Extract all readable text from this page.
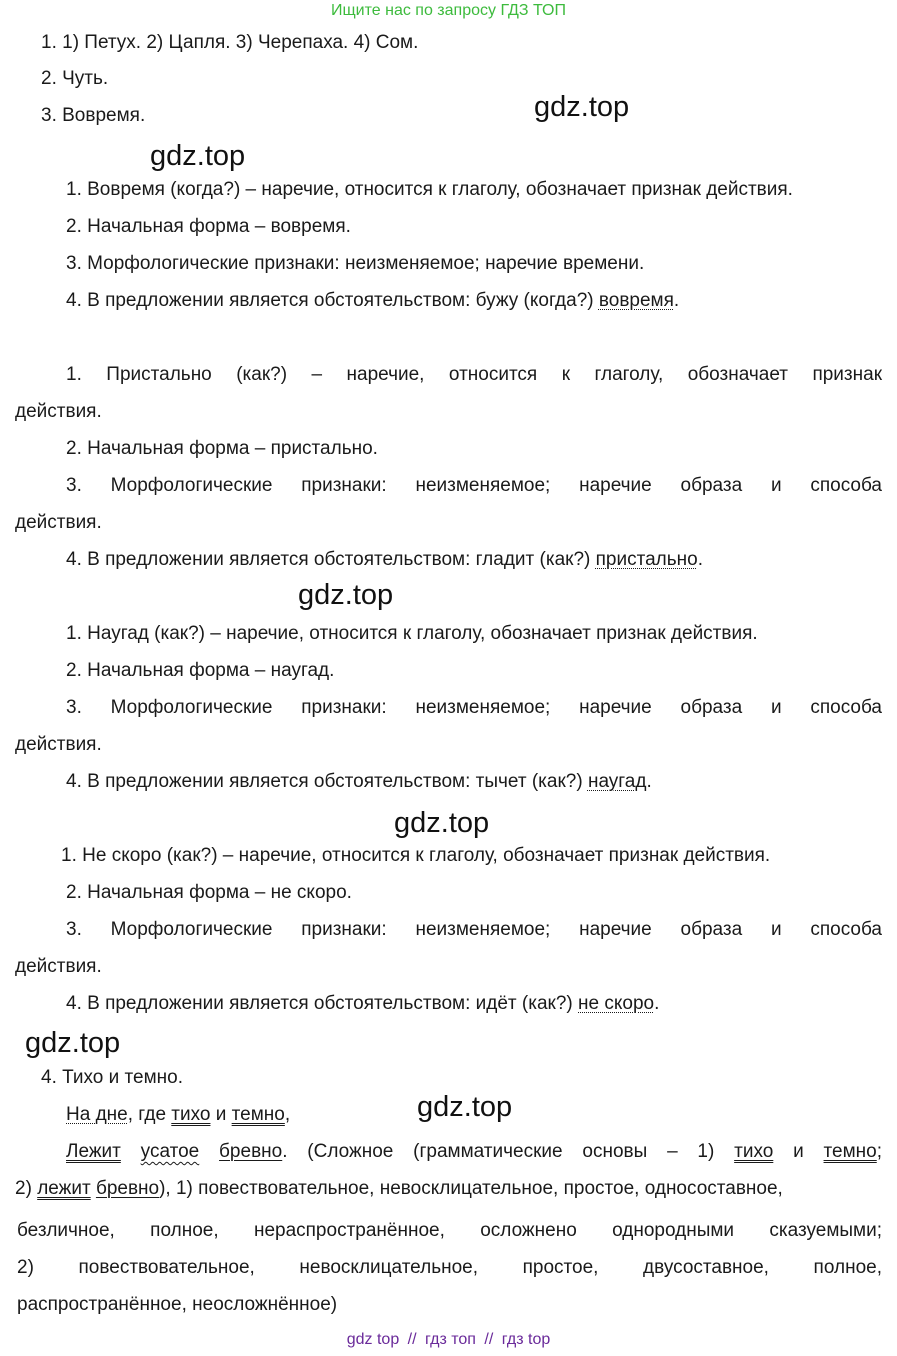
Ищите нас по запросу ГДЗ ТОП
1. 1) Петух. 2) Цапля. 3) Черепаха. 4) Сом.
2. Чуть.
3. Вовремя.	gdz.top
gdz.top
1. Вовремя (когда?) – наречие, относится к глаголу, обозначает признак действия.
2. Начальная форма – вовремя.
3. Морфологические признаки: неизменяемое; наречие времени.
4. В предложении является обстоятельством: бужу (когда?) вовремя.
1. Пристально (как?) – наречие, относится к глаголу, обозначает признак
действия.
2. Начальная форма – пристально.
3. Морфологические признаки: неизменяемое; наречие образа и способа
действия.
4. В предложении является обстоятельством: гладит (как?) пристально.
gdz.top
1. Наугад (как?) – наречие, относится к глаголу, обозначает признак действия.
2. Начальная форма – наугад.
3. Морфологические признаки: неизменяемое; наречие образа и способа
действия.
4. В предложении является обстоятельством: тычет (как?) наугад.
gdz.top
1. Не скоро (как?) – наречие, относится к глаголу, обозначает признак действия.
2. Начальная форма – не скоро.
3. Морфологические признаки: неизменяемое; наречие образа и способа
действия.
4. В предложении является обстоятельством: идёт (как?) не скоро.
gdz.top
4. Тихо и темно.
На дне, где тихо и темно,	gdz.top
Лежит усатое бревно. (Сложное (грамматические основы – 1) тихо и темно;
2) лежит бревно), 1) повествовательное, невосклицательное, простое, односоставное,
безличное, полное, нераспространённое, осложнено однородными сказуемыми;
2) повествовательное, невосклицательное, простое, двусоставное, полное,
распространённое, неосложнённое)
gdz top // гдз топ // гдз top
